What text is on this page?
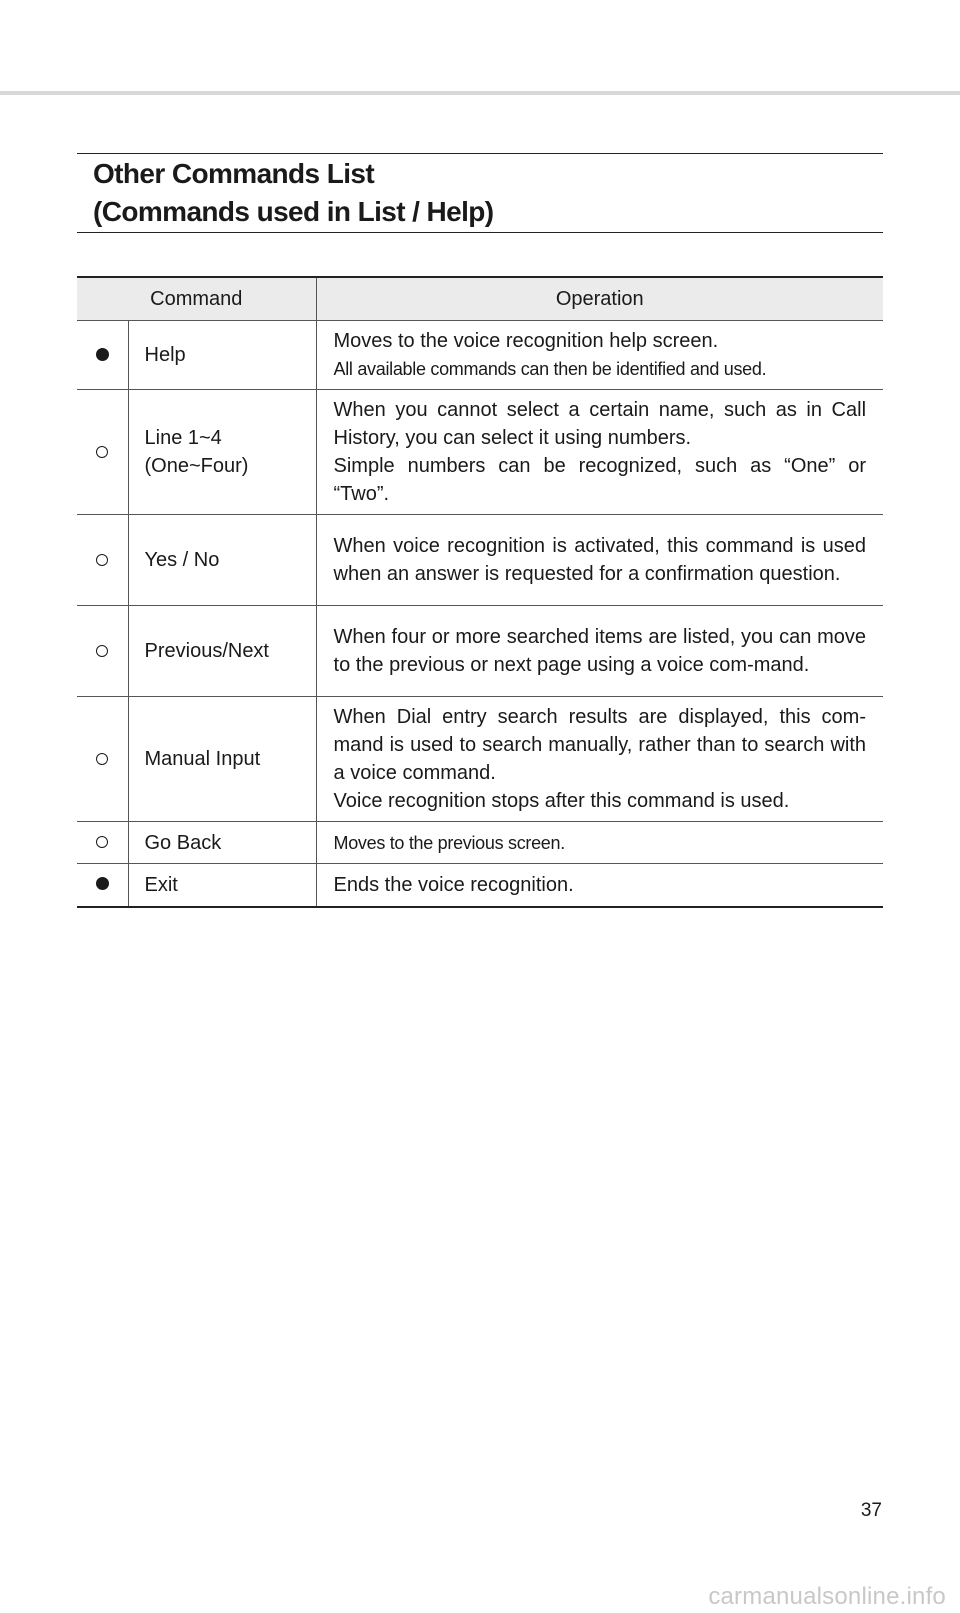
Other Commands List
(Commands used in List / Help)
Command		Operation

	Help	Moves to the voice recognition help screen.
All available commands can then be identified and used.

	Line 1~4
(One~Four)	When you cannot select a certain name, such as in Call History, you can select it using numbers.
Simple numbers can be recognized, such as “One” or “Two”.

	Yes / No	When voice recognition is activated, this command is used when an answer is requested for a confirmation question.

	Previous/Next	When four or more searched items are listed, you can move to the previous or next page using a voice com-mand.

	Manual Input	When Dial entry search results are displayed, this com-mand is used to search manually, rather than to search with a voice command.
Voice recognition stops after this command is used.

	Go Back	Moves to the previous screen.

	Exit	Ends the voice recognition.
37
carmanualsonline.info
